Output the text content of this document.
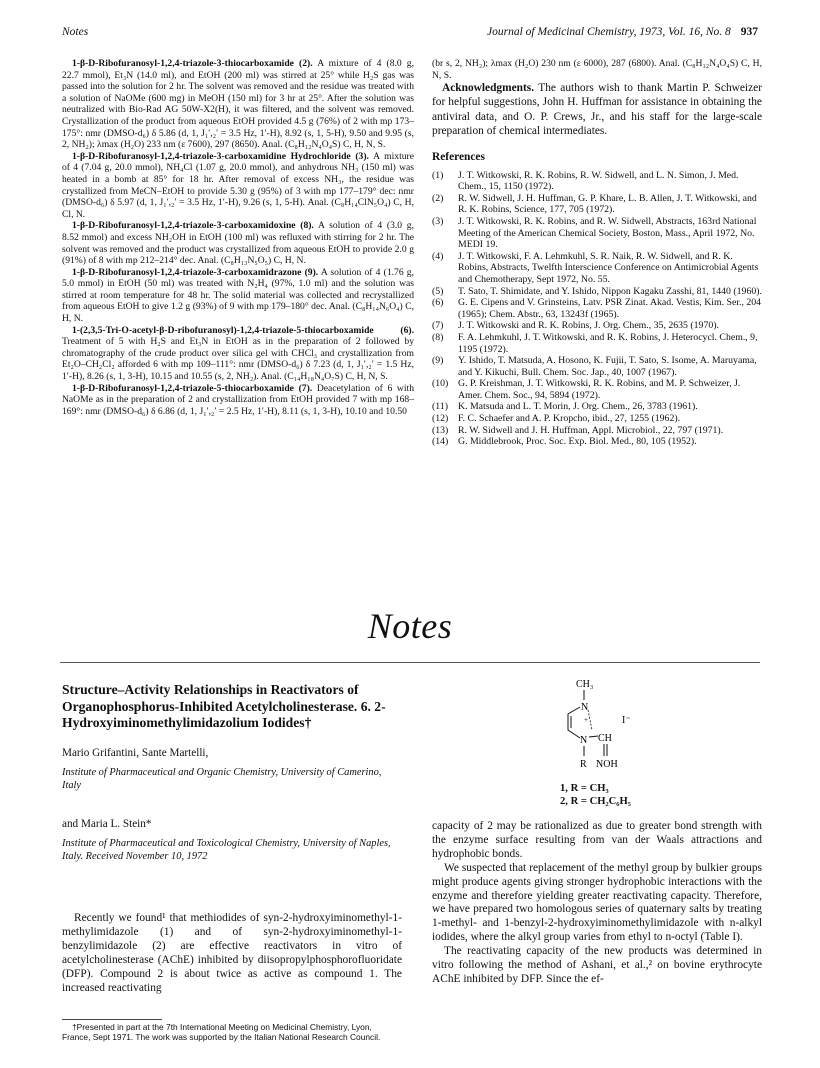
Notes	Journal of Medicinal Chemistry, 1973, Vol. 16, No. 8 937

1-β-D-Ribofuranosyl-1,2,4-triazole-3-thiocarboxamide (2). A mixture of 4 (8.0 g, 22.7 mmol), Et₃N (14.0 ml), and EtOH (200 ml) was stirred at 25° while H₂S gas was passed into the solution for 2 hr. The solvent was removed and the residue was treated with a solution of NaOMe (600 mg) in MeOH (150 ml) for 3 hr at 25°. After the solution was neutralized with Bio-Rad AG 50W-X2(H), it was filtered, and the solvent was removed. Crystallization of the product from aqueous EtOH provided 4.5 g (76%) of 2 with mp 173–175°: nmr (DMSO-d₆) δ 5.86 (d, 1, J₁′,₂′ = 3.5 Hz, 1′-H), 8.92 (s, 1, 5-H), 9.50 and 9.95 (s, 2, NH₂); λmax (H₂O) 233 nm (ε 7600), 297 (8650). Anal. (C₈H₁₂N₄O₄S) C, H, N, S.

1-β-D-Ribofuranosyl-1,2,4-triazole-3-carboxamidine Hydrochloride (3). A mixture of 4 (7.04 g, 20.0 mmol), NH₄Cl (1.07 g, 20.0 mmol), and anhydrous NH₃ (150 ml) was heated in a bomb at 85° for 18 hr. After removal of excess NH₃, the residue was crystallized from MeCN–EtOH to provide 5.30 g (95%) of 3 with mp 177–179° dec: nmr (DMSO-d₆) δ 5.97 (d, 1, J₁′,₂′ = 3.5 Hz, 1′-H), 9.26 (s, 1, 5-H). Anal. (C₈H₁₄ClN₅O₄) C, H, Cl, N.

1-β-D-Ribofuranosyl-1,2,4-triazole-3-carboxamidoxine (8). A solution of 4 (3.0 g, 8.52 mmol) and excess NH₂OH in EtOH (100 ml) was refluxed with stirring for 2 hr. The solvent was removed and the product was crystallized from aqueous EtOH to provide 2.0 g (91%) of 8 with mp 212–214° dec. Anal. (C₈H₁₃N₅O₅) C, H, N.

1-β-D-Ribofuranosyl-1,2,4-triazole-3-carboxamidrazone (9). A solution of 4 (1.76 g, 5.0 mmol) in EtOH (50 ml) was treated with N₂H₄ (97%, 1.0 ml) and the solution was stirred at room temperature for 48 hr. The solid material was collected and recrystallized from aqueous EtOH to give 1.2 g (93%) of 9 with mp 179–180° dec. Anal. (C₈H₁₄N₆O₄) C, H, N.

1-(2,3,5-Tri-O-acetyl-β-D-ribofuranosyl)-1,2,4-triazole-5-thiocarboxamide (6). Treatment of 5 with H₂S and Et₃N in EtOH as in the preparation of 2 followed by chromatography of the crude product over silica gel with CHCl₃ and crystallization from Et₂O–CH₂Cl₂ afforded 6 with mp 109–111°: nmr (DMSO-d₆) δ 7.23 (d, 1, J₁′,₂′ = 1.5 Hz, 1′-H), 8.26 (s, 1, 3-H), 10.15 and 10.55 (s, 2, NH₂). Anal. (C₁₄H₁₈N₄O₇S) C, H, N, S.

1-β-D-Ribofuranosyl-1,2,4-triazole-5-thiocarboxamide (7). Deacetylation of 6 with NaOMe as in the preparation of 2 and crystallization from EtOH provided 7 with mp 168–169°: nmr (DMSO-d₆) δ 6.86 (d, 1, J₁′,₂′ = 2.5 Hz, 1′-H), 8.11 (s, 1, 3-H), 10.10 and 10.50

(br s, 2, NH₂); λmax (H₂O) 230 nm (ε 6000), 287 (6800). Anal. (C₈H₁₂N₄O₄S) C, H, N, S.

Acknowledgments. The authors wish to thank Martin P. Schweizer for helpful suggestions, John H. Huffman for assistance in obtaining the antiviral data, and O. P. Crews, Jr., and his staff for the large-scale preparation of chemical intermediates.

References
(1)	J. T. Witkowski, R. K. Robins, R. W. Sidwell, and L. N. Simon, J. Med. Chem., 15, 1150 (1972).
(2)	R. W. Sidwell, J. H. Huffman, G. P. Khare, L. B. Allen, J. T. Witkowski, and R. K. Robins, Science, 177, 705 (1972).
(3)	J. T. Witkowski, R. K. Robins, and R. W. Sidwell, Abstracts, 163rd National Meeting of the American Chemical Society, Boston, Mass., April 1972, No. MEDI 19.
(4)	J. T. Witkowski, F. A. Lehmkuhl, S. R. Naik, R. W. Sidwell, and R. K. Robins, Abstracts, Twelfth Interscience Conference on Antimicrobial Agents and Chemotherapy, Sept 1972, No. 55.
(5)	T. Sato, T. Shimidate, and Y. Ishido, Nippon Kagaku Zasshi, 81, 1440 (1960).
(6)	G. E. Cipens and V. Grinsteins, Latv. PSR Zinat. Akad. Vestis, Kim. Ser., 204 (1965); Chem. Abstr., 63, 13243f (1965).
(7)	J. T. Witkowski and R. K. Robins, J. Org. Chem., 35, 2635 (1970).
(8)	F. A. Lehmkuhl, J. T. Witkowski, and R. K. Robins, J. Heterocycl. Chem., 9, 1195 (1972).
(9)	Y. Ishido, T. Matsuda, A. Hosono, K. Fujii, T. Sato, S. Isome, A. Maruyama, and Y. Kikuchi, Bull. Chem. Soc. Jap., 40, 1007 (1967).
(10) G. P. Kreishman, J. T. Witkowski, R. K. Robins, and M. P. Schweizer, J. Amer. Chem. Soc., 94, 5894 (1972).
(11)	K. Matsuda and L. T. Morin, J. Org. Chem., 26, 3783 (1961).
(12) F. C. Schaefer and A. P. Kropcho, ibid., 27, 1255 (1962).
(13) R. W. Sidwell and J. H. Huffman, Appl. Microbiol., 22, 797 (1971).
(14) G. Middlebrook, Proc. Soc. Exp. Biol. Med., 80, 105 (1952).
Notes
Structure–Activity Relationships in Reactivators of Organophosphorus-Inhibited Acetylcholinesterase. 6. 2-Hydroxyiminomethylimidazolium Iodides†
Mario Grifantini, Sante Martelli,
Institute of Pharmaceutical and Organic Chemistry, University of Camerino, Italy
and Maria L. Stein*
Institute of Pharmaceutical and Toxicological Chemistry, University of Naples, Italy. Received November 10, 1972

Recently we found¹ that methiodides of syn-2-hydroxyiminomethyl-1-methylimidazole (1) and of syn-2-hydroxyiminomethyl-1-benzylimidazole (2) are effective reactivators in vitro of acetylcholinesterase (AChE) inhibited by diisopropylphosphorofluoridate (DFP). Compound 2 is about twice as active as compound 1. The increased reactivating

†Presented in part at the 7th International Meeting on Medicinal Chemistry, Lyon, France, Sept 1971. The work was supported by the Italian National Research Council.
CH₃
N
+
N CH
I⁻
R NOH
1, R = CH₃
2, R = CH₂C₆H₅

capacity of 2 may be rationalized as due to greater bond strength with the enzyme surface resulting from van der Waals attractions and hydrophobic bonds.

We suspected that replacement of the methyl group by bulkier groups might produce agents giving stronger hydrophobic interactions with the enzyme and therefore yielding greater reactivating capacity. Therefore, we have prepared two homologous series of quaternary salts by treating 1-methyl- and 1-benzyl-2-hydroxyiminomethylimidazole with n-alkyl iodides, where the alkyl group varies from ethyl to n-octyl (Table I).

The reactivating capacity of the new products was determined in vitro following the method of Ashani, et al.,² on bovine erythrocyte AChE inhibited by DFP. Since the ef-
